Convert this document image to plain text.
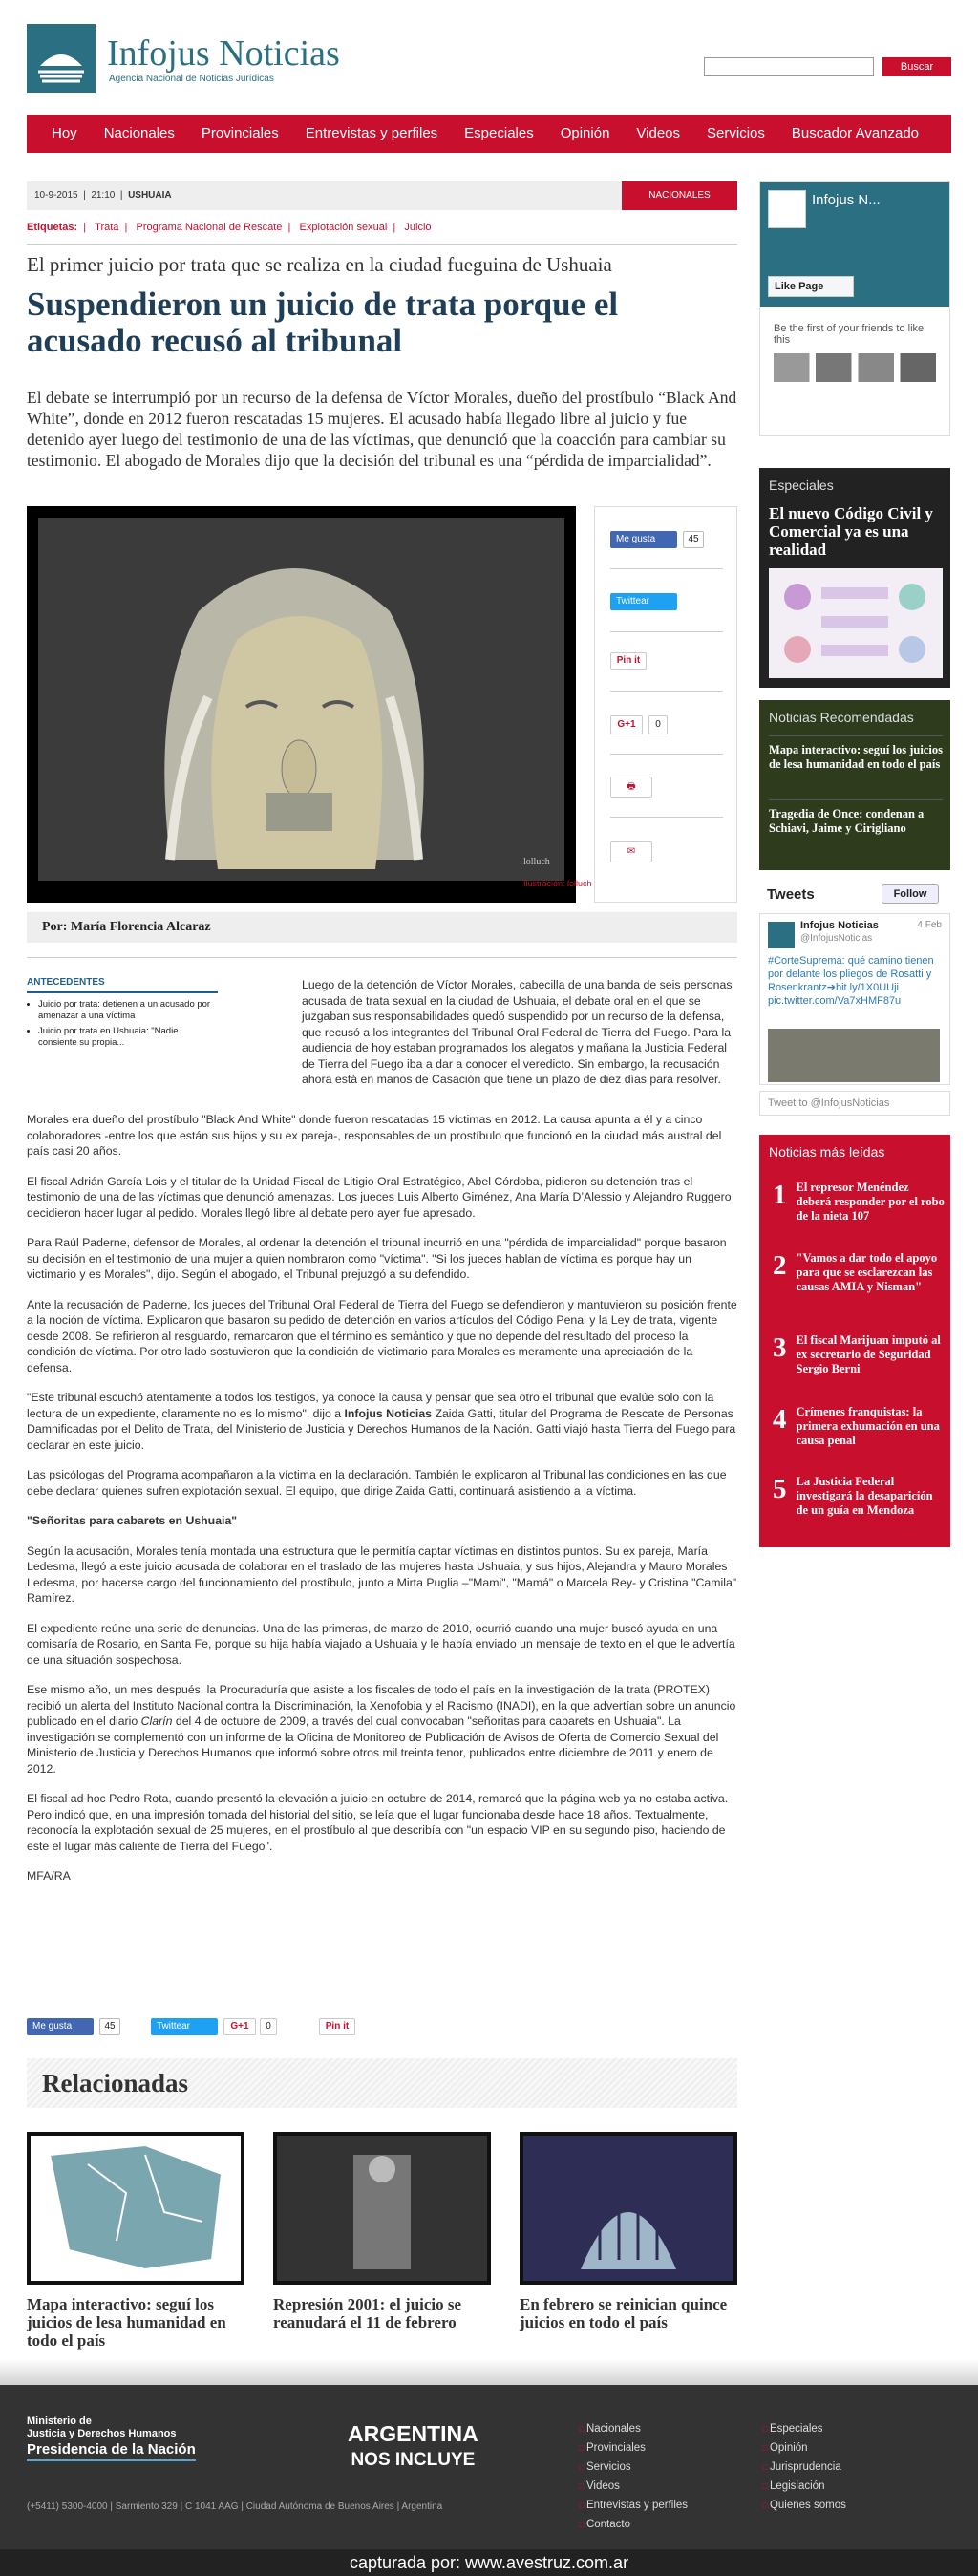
Infojus Noticias
Agencia Nacional de Noticias Jurídicas
Buscar
Hoy	Nacionales	Provinciales	Entrevistas y perfiles	Especiales	Opinión	Videos	Servicios	Buscador Avanzado
10-9-2015  |  21:10  |  USHUAIA	NACIONALES
Etiquetas:  |   Trata  |   Programa Nacional de Rescate  |   Explotación sexual  |   Juicio
El primer juicio por trata que se realiza en la ciudad fueguina de Ushuaia
Suspendieron un juicio de trata porque el acusado recusó al tribunal
El debate se interrumpió por un recurso de la defensa de Víctor Morales, dueño del prostíbulo “Black And White”, donde en 2012 fueron rescatadas 15 mujeres. El acusado había llegado libre al juicio y fue detenido ayer luego del testimonio de una de las víctimas, que denunció que la coacción para cambiar su testimonio. El abogado de Morales dijo que la decisión del tribunal es una “pérdida de imparcialidad”.
lolluch
Ilustración: lolluch
Me gusta	45
Twittear
Pin it
G+1	0
🖶
✉
Por: María Florencia Alcaraz
ANTECEDENTES
• Juicio por trata: detienen a un acusado por amenazar a una víctima
• Juicio por trata en Ushuaia: "Nadie consiente su propia...

Luego de la detención de Víctor Morales, cabecilla de una banda de seis personas acusada de trata sexual en la ciudad de Ushuaia, el debate oral en el que se juzgaban sus responsabilidades quedó suspendido por un recurso de la defensa, que recusó a los integrantes del Tribunal Oral Federal de Tierra del Fuego. Para la audiencia de hoy estaban programados los alegatos y mañana la Justicia Federal de Tierra del Fuego iba a dar a conocer el veredicto. Sin embargo, la recusación ahora está en manos de Casación que tiene un plazo de diez días para resolver.

Morales era dueño del prostíbulo "Black And White" donde fueron rescatadas 15 víctimas en 2012. La causa apunta a él y a cinco colaboradores -entre los que están sus hijos y su ex pareja-, responsables de un prostíbulo que funcionó en la ciudad más austral del país casi 20 años.

El fiscal Adrián García Lois y el titular de la Unidad Fiscal de Litigio Oral Estratégico, Abel Córdoba, pidieron su detención tras el testimonio de una de las víctimas que denunció amenazas. Los jueces Luis Alberto Giménez, Ana María D’Alessio y Alejandro Ruggero decidieron hacer lugar al pedido. Morales llegó libre al debate pero ayer fue apresado.

Para Raúl Paderne, defensor de Morales, al ordenar la detención el tribunal incurrió en una "pérdida de imparcialidad" porque basaron su decisión en el testimonio de una mujer a quien nombraron como "víctima". "Si los jueces hablan de víctima es porque hay un victimario y es Morales", dijo. Según el abogado, el Tribunal prejuzgó a su defendido.

Ante la recusación de Paderne, los jueces del Tribunal Oral Federal de Tierra del Fuego se defendieron y mantuvieron su posición frente a la noción de víctima. Explicaron que basaron su pedido de detención en varios artículos del Código Penal y la Ley de trata, vigente desde 2008. Se refirieron al resguardo, remarcaron que el término es semántico y que no depende del resultado del proceso la condición de víctima. Por otro lado sostuvieron que la condición de victimario para Morales es meramente una apreciación de la defensa.

"Este tribunal escuchó atentamente a todos los testigos, ya conoce la causa y pensar que sea otro el tribunal que evalúe solo con la lectura de un expediente, claramente no es lo mismo", dijo a Infojus Noticias Zaida Gatti, titular del Programa de Rescate de Personas Damnificadas por el Delito de Trata, del Ministerio de Justicia y Derechos Humanos de la Nación. Gatti viajó hasta Tierra del Fuego para declarar en este juicio.

Las psicólogas del Programa acompañaron a la víctima en la declaración. También le explicaron al Tribunal las condiciones en las que debe declarar quienes sufren explotación sexual. El equipo, que dirige Zaida Gatti, continuará asistiendo a la víctima.

"Señoritas para cabarets en Ushuaia"

Según la acusación, Morales tenía montada una estructura que le permitía captar víctimas en distintos puntos. Su ex pareja, María Ledesma, llegó a este juicio acusada de colaborar en el traslado de las mujeres hasta Ushuaia, y sus hijos, Alejandra y Mauro Morales Ledesma, por hacerse cargo del funcionamiento del prostíbulo, junto a Mirta Puglia –"Mami", "Mamá" o Marcela Rey- y Cristina "Camila" Ramírez.

El expediente reúne una serie de denuncias. Una de las primeras, de marzo de 2010, ocurrió cuando una mujer buscó ayuda en una comisaría de Rosario, en Santa Fe, porque su hija había viajado a Ushuaia y le había enviado un mensaje de texto en el que le advertía de una situación sospechosa.

Ese mismo año, un mes después, la Procuraduría que asiste a los fiscales de todo el país en la investigación de la trata (PROTEX) recibió un alerta del Instituto Nacional contra la Discriminación, la Xenofobia y el Racismo (INADI), en la que advertían sobre un anuncio publicado en el diario Clarín del 4 de octubre de 2009, a través del cual convocaban "señoritas para cabarets en Ushuaia". La investigación se complementó con un informe de la Oficina de Monitoreo de Publicación de Avisos de Oferta de Comercio Sexual del Ministerio de Justicia y Derechos Humanos que informó sobre otros mil treinta tenor, publicados entre diciembre de 2011 y enero de 2012.

El fiscal ad hoc Pedro Rota, cuando presentó la elevación a juicio en octubre de 2014, remarcó que la página web ya no estaba activa. Pero indicó que, en una impresión tomada del historial del sitio, se leía que el lugar funcionaba desde hace 18 años. Textualmente, reconocía la explotación sexual de 25 mujeres, en el prostíbulo al que describía con "un espacio VIP en su segundo piso, haciendo de este el lugar más caliente de Tierra del Fuego".

MFA/RA

Me gusta	45	Twittear	G+1	0	Pin it
Relacionadas
Mapa interactivo: seguí los juicios de lesa humanidad en todo el país
Represión 2001: el juicio se reanudará el 11 de febrero
En febrero se reinician quince juicios en todo el país
Infojus N...
Like Page
Be the first of your friends to like this
Especiales
El nuevo Código Civil y Comercial ya es una realidad
Noticias Recomendadas
Mapa interactivo: seguí los juicios de lesa humanidad en todo el país
Tragedia de Once: condenan a Schiavi, Jaime y Cirigliano
Tweets	Follow
Infojus Noticias	4 Feb
@InfojusNoticias
#CorteSuprema: qué camino tienen por delante los pliegos de Rosatti y Rosenkrantz➔bit.ly/1X0UUji pic.twitter.com/Va7xHMF87u
Tweet to @InfojusNoticias
Noticias más leídas
1 El represor Menéndez deberá responder por el robo de la nieta 107
2 "Vamos a dar todo el apoyo para que se esclarezcan las causas AMIA y Nisman"
3 El fiscal Marijuan imputó al ex secretario de Seguridad Sergio Berni
4 Crímenes franquistas: la primera exhumación en una causa penal
5 La Justicia Federal investigará la desaparición de un guía en Mendoza
Ministerio de
Justicia y Derechos Humanos
Presidencia de la Nación
(+5411) 5300-4000 | Sarmiento 329 | C 1041 AAG | Ciudad Autónoma de Buenos Aires | Argentina
ARGENTINA
NOS INCLUYE
□ Nacionales
□ Provinciales
□ Servicios
□ Videos
□ Entrevistas y perfiles
□ Contacto
□ Especiales
□ Opinión
□ Jurisprudencia
□ Legislación
□ Quienes somos
capturada por: www.avestruz.com.ar
